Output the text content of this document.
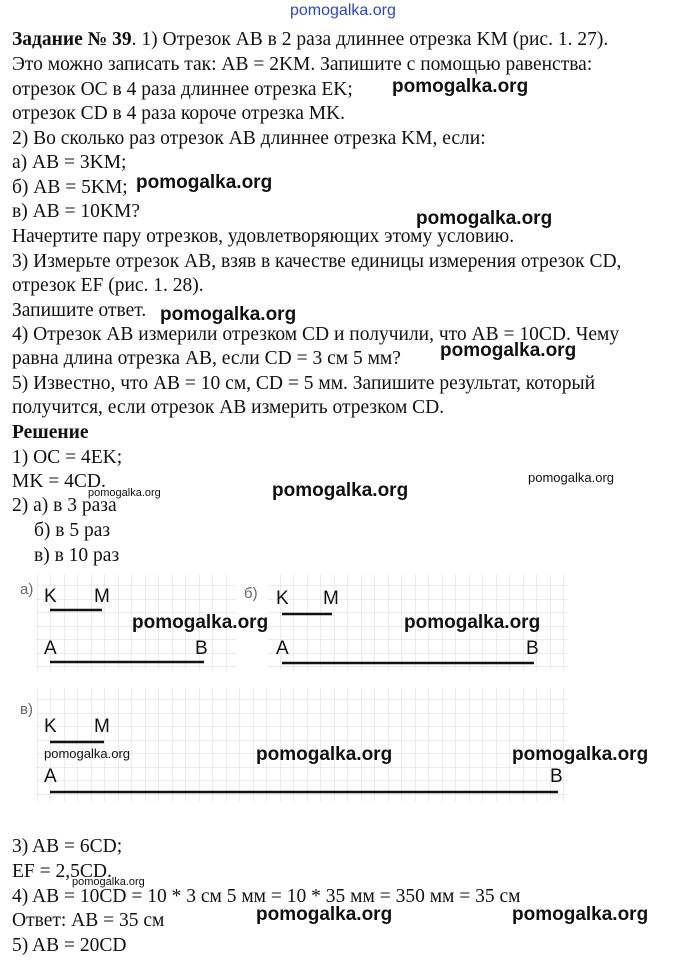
pomogalka.org
Задание № 39. 1) Отрезок AB в 2 раза длиннее отрезка KM (рис. 1. 27).
Это можно записать так: AB = 2KM. Запишите с помощью равенства:
отрезок OC в 4 раза длиннее отрезка EK;
отрезок CD в 4 раза короче отрезка MK.
2) Во сколько раз отрезок AB длиннее отрезка KM, если:
а) AB = 3KM;
б) AB = 5KM;
в) AB = 10KM?
Начертите пару отрезков, удовлетворяющих этому условию.
3) Измерьте отрезок AB, взяв в качестве единицы измерения отрезок CD,
отрезок EF (рис. 1. 28).
Запишите ответ.
4) Отрезок AB измерили отрезком CD и получили, что AB = 10CD. Чему
равна длина отрезка AB, если CD = 3 см 5 мм?
5) Известно, что AB = 10 см, CD = 5 мм. Запишите результат, который
получится, если отрезок AB измерить отрезком CD.
Решение
1) OC = 4EK;
MK = 4CD.
2) а) в 3 раза
б) в 5 раз
в) в 10 раз
а) K M
A	B
б) K M
A	B
в)
K M
A	B
3) AB = 6CD;
EF = 2,5CD.
4) AB = 10CD = 10 * 3 см 5 мм = 10 * 35 мм = 350 мм = 35 см
Ответ: AB = 35 см
5) AB = 20CD
pomogalka.org
pomogalka.org
pomogalka.org
pomogalka.org
pomogalka.org
pomogalka.org
pomogalka.org
pomogalka.org
pomogalka.org	pomogalka.org
pomogalka.org	pomogalka.org	pomogalka.org
pomogalka.org
pomogalka.org	pomogalka.org
